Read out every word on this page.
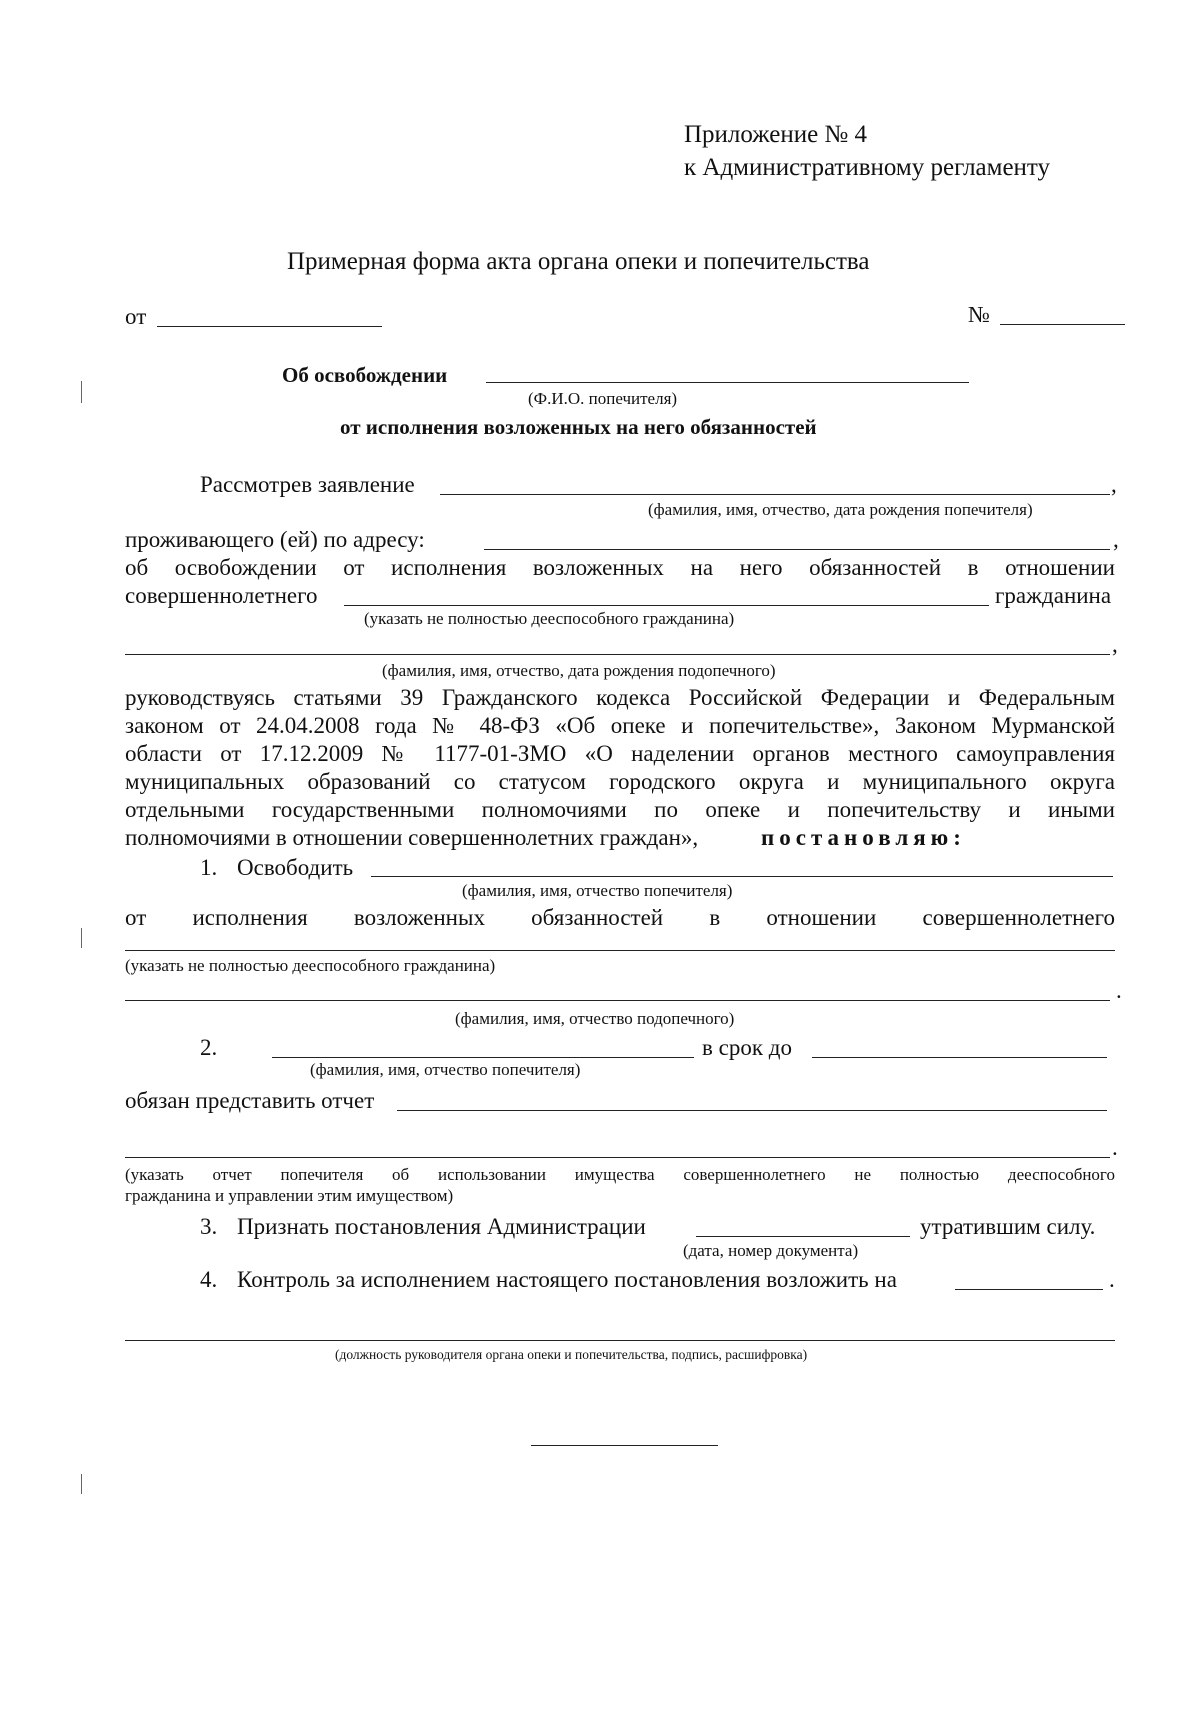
Приложение № 4
к Административному регламенту
Примерная форма акта органа опеки и попечительства
от	№
Об освобождении
(Ф.И.О. попечителя)
от исполнения возложенных на него обязанностей
Рассмотрев заявление	,
(фамилия, имя, отчество, дата рождения попечителя)
проживающего (ей) по адресу:	,
об освобождении от исполнения возложенных на него обязанностей в отношении
совершеннолетнего	гражданина
(указать не полностью дееспособного гражданина)
,
(фамилия, имя, отчество, дата рождения подопечного)
руководствуясь статьями 39 Гражданского кодекса Российской Федерации и Федеральным
законом от 24.04.2008 года № 48-ФЗ «Об опеке и попечительстве», Законом Мурманской
области от 17.12.2009 № 1177-01-ЗМО «О наделении органов местного самоуправления
муниципальных образований со статусом городского округа и муниципального округа
отдельными государственными полномочиями по опеке и попечительству и иными
полномочиями в отношении совершеннолетних граждан»,	постановляю:
1. Освободить
(фамилия, имя, отчество попечителя)
от исполнения возложенных обязанностей в отношении совершеннолетнего
(указать не полностью дееспособного гражданина)
.
(фамилия, имя, отчество подопечного)
2.	в срок до
(фамилия, имя, отчество попечителя)
обязан представить отчет
.
(указать отчет попечителя об использовании имущества совершеннолетнего не полностью дееспособного
гражданина и управлении этим имуществом)
3. Признать постановления Администрации	утратившим силу.
(дата, номер документа)
4. Контроль за исполнением настоящего постановления возложить на	.
(должность руководителя органа опеки и попечительства, подпись, расшифровка)
